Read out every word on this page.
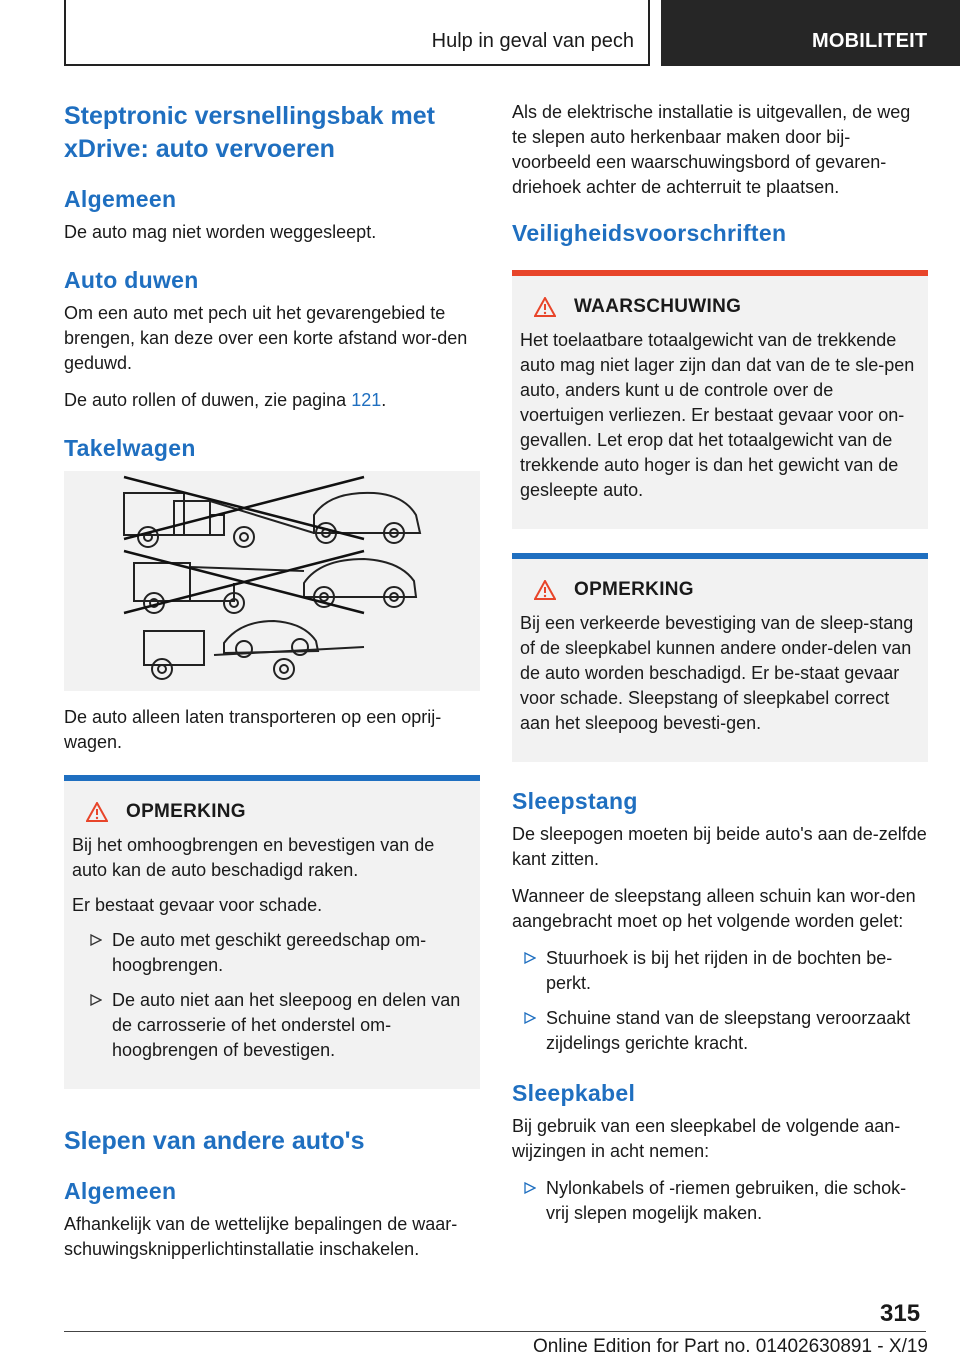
Hulp in geval van pech	MOBILITEIT
Steptronic versnellingsbak met xDrive: auto vervoeren
Algemeen

De auto mag niet worden weggesleept.

Auto duwen

Om een auto met pech uit het gevarengebied te brengen, kan deze over een korte afstand wor-den geduwd.

De auto rollen of duwen, zie pagina 121.

Takelwagen

De auto alleen laten transporteren op een oprij-wagen.

OPMERKING

Bij het omhoogbrengen en bevestigen van de auto kan de auto beschadigd raken.

Er bestaat gevaar voor schade.

De auto met geschikt gereedschap om-hoogbrengen.
De auto niet aan het sleepoog en delen van de carrosserie of het onderstel om-hoogbrengen of bevestigen.
Slepen van andere auto's
Algemeen

Afhankelijk van de wettelijke bepalingen de waar-schuwingsknipperlichtinstallatie inschakelen.

Als de elektrische installatie is uitgevallen, de weg te slepen auto herkenbaar maken door bij-voorbeeld een waarschuwingsbord of gevaren-driehoek achter de achterruit te plaatsen.

Veiligheidsvoorschriften
WAARSCHUWING

Het toelaatbare totaalgewicht van de trekkende auto mag niet lager zijn dan dat van de te sle-pen auto, anders kunt u de controle over de voertuigen verliezen. Er bestaat gevaar voor on-gevallen. Let erop dat het totaalgewicht van de trekkende auto hoger is dan het gewicht van de gesleepte auto.

OPMERKING

Bij een verkeerde bevestiging van de sleep-stang of de sleepkabel kunnen andere onder-delen van de auto worden beschadigd. Er be-staat gevaar voor schade. Sleepstang of sleepkabel correct aan het sleepoog bevesti-gen.

Sleepstang

De sleepogen moeten bij beide auto's aan de-zelfde kant zitten.

Wanneer de sleepstang alleen schuin kan wor-den aangebracht moet op het volgende worden gelet:

Stuurhoek is bij het rijden in de bochten be-perkt.
Schuine stand van de sleepstang veroorzaakt zijdelings gerichte kracht.
Sleepkabel

Bij gebruik van een sleepkabel de volgende aan-wijzingen in acht nemen:

Nylonkabels of -riemen gebruiken, die schok-vrij slepen mogelijk maken.
315
Online Edition for Part no. 01402630891 - X/19
